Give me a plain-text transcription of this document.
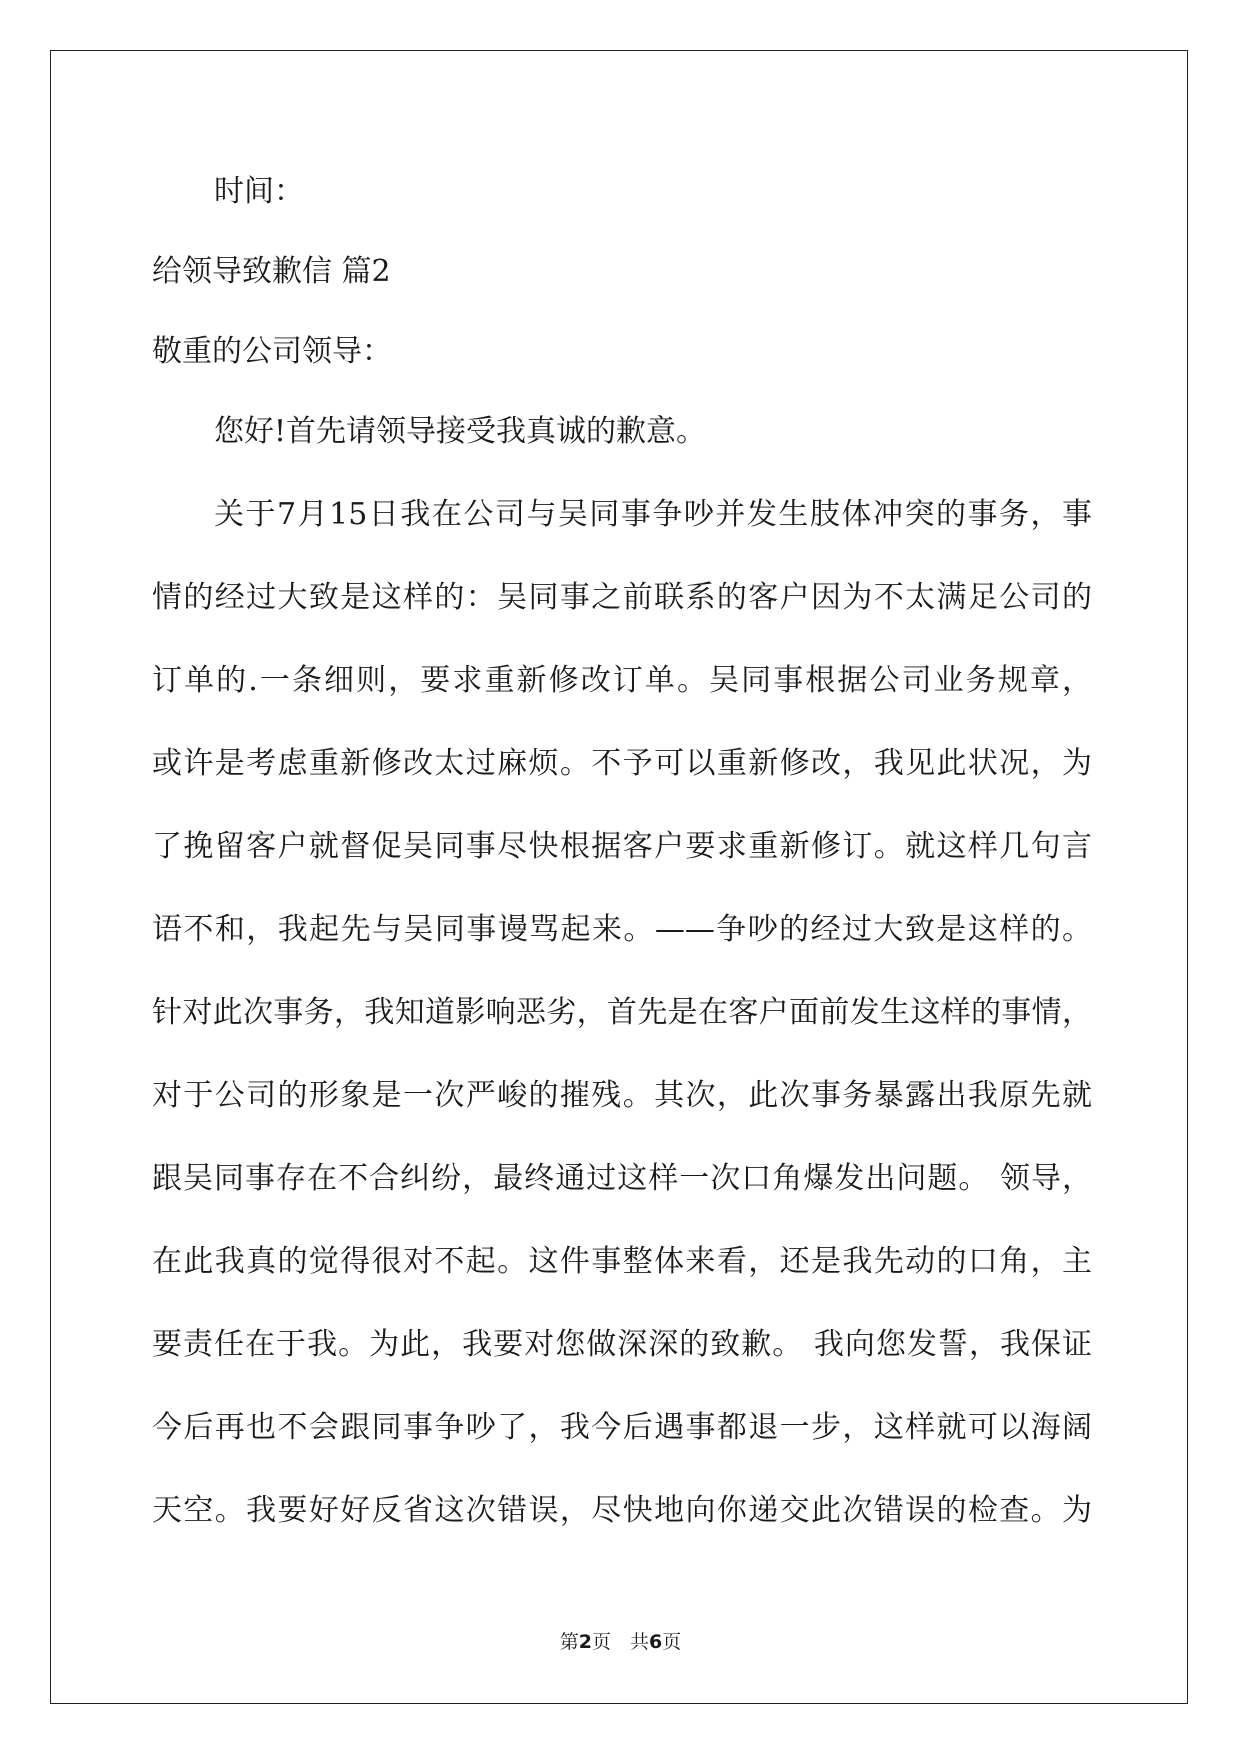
时间：
给领导致歉信 篇2
敬重的公司领导：
您好!首先请领导接受我真诚的歉意。
关于7月15日我在公司与吴同事争吵并发生肢体冲突的事务，事
情的经过大致是这样的：吴同事之前联系的客户因为不太满足公司的
订单的.一条细则，要求重新修改订单。吴同事根据公司业务规章，
或许是考虑重新修改太过麻烦。不予可以重新修改，我见此状况，为
了挽留客户就督促吴同事尽快根据客户要求重新修订。就这样几句言
语不和，我起先与吴同事谩骂起来。——争吵的经过大致是这样的。
针对此次事务，我知道影响恶劣，首先是在客户面前发生这样的事情，
对于公司的形象是一次严峻的摧残。其次，此次事务暴露出我原先就
跟吴同事存在不合纠纷，最终通过这样一次口角爆发出问题。 领导，
在此我真的觉得很对不起。这件事整体来看，还是我先动的口角，主
要责任在于我。为此，我要对您做深深的致歉。 我向您发誓，我保证
今后再也不会跟同事争吵了，我今后遇事都退一步，这样就可以海阔
天空。我要好好反省这次错误，尽快地向你递交此次错误的检查。为
第2页　共6页
